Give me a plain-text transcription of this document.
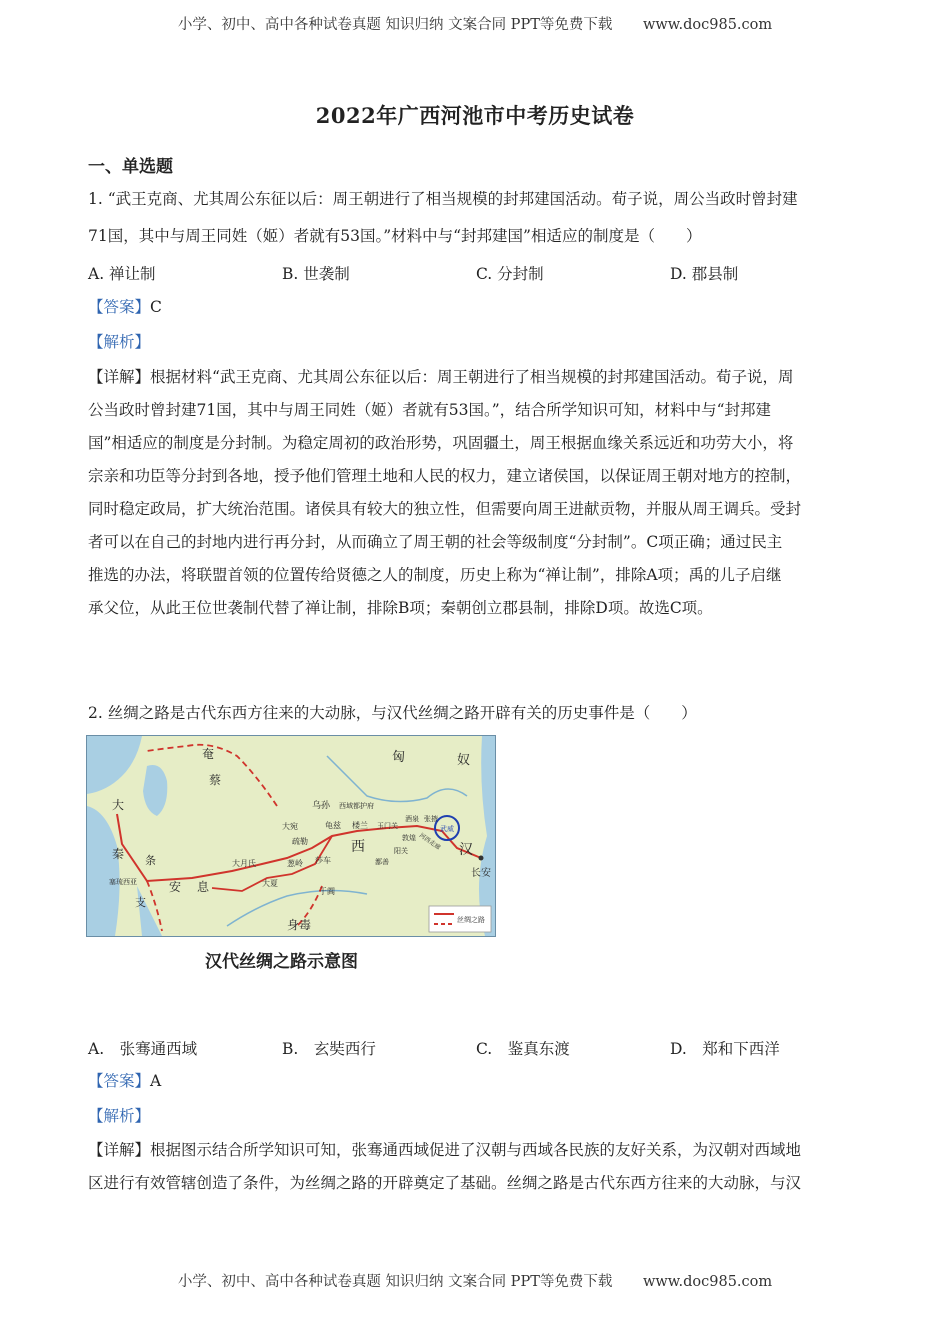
小学、初中、高中各种试卷真题 知识归纳 文案合同 PPT等免费下载 www.doc985.com
2022年广西河池市中考历史试卷
一、单选题
1. “武王克商、尤其周公东征以后：周王朝进行了相当规模的封邦建国活动。荀子说，周公当政时曾封建
71国，其中与周王同姓（姬）者就有53国。”材料中与“封邦建国”相适应的制度是（　　）
A. 禅让制	B. 世袭制	C. 分封制	D. 郡县制
【答案】C
【解析】
【详解】根据材料“武王克商、尤其周公东征以后：周王朝进行了相当规模的封邦建国活动。荀子说，周
公当政时曾封建71国，其中与周王同姓（姬）者就有53国。”，结合所学知识可知，材料中与“封邦建
国”相适应的制度是分封制。为稳定周初的政治形势，巩固疆土，周王根据血缘关系远近和功劳大小，将
宗亲和功臣等分封到各地，授予他们管理土地和人民的权力，建立诸侯国，以保证周王朝对地方的控制，
同时稳定政局，扩大统治范围。诸侯具有较大的独立性，但需要向周王进献贡物，并服从周王调兵。受封
者可以在自己的封地内进行再分封，从而确立了周王朝的社会等级制度“分封制”。C项正确；通过民主
推选的办法，将联盟首领的位置传给贤德之人的制度，历史上称为“禅让制”，排除A项；禹的儿子启继
承父位，从此王位世袭制代替了禅让制，排除B项；秦朝创立郡县制，排除D项。故选C项。
2. 丝绸之路是古代东西方往来的大动脉，与汉代丝绸之路开辟有关的历史事件是（　　）
匈	奴
奄
蔡
大
秦 条
支
安 息
大宛
大月氏
大夏
葱岭
疏勒
龟兹
西域都护府
楼兰 玉门关
酒泉 张掖
敦煌
阳关
鄯善
莎车
于阗
西	汉
长安
武威
身毒
塞琉西亚
乌孙
河西走廊
丝绸之路
汉代丝绸之路示意图
A.　张骞通西域	B.　玄奘西行	C.　鉴真东渡	D.　郑和下西洋
【答案】A
【解析】
【详解】根据图示结合所学知识可知，张骞通西域促进了汉朝与西域各民族的友好关系，为汉朝对西域地
区进行有效管辖创造了条件，为丝绸之路的开辟奠定了基础。丝绸之路是古代东西方往来的大动脉，与汉
小学、初中、高中各种试卷真题 知识归纳 文案合同 PPT等免费下载 www.doc985.com
